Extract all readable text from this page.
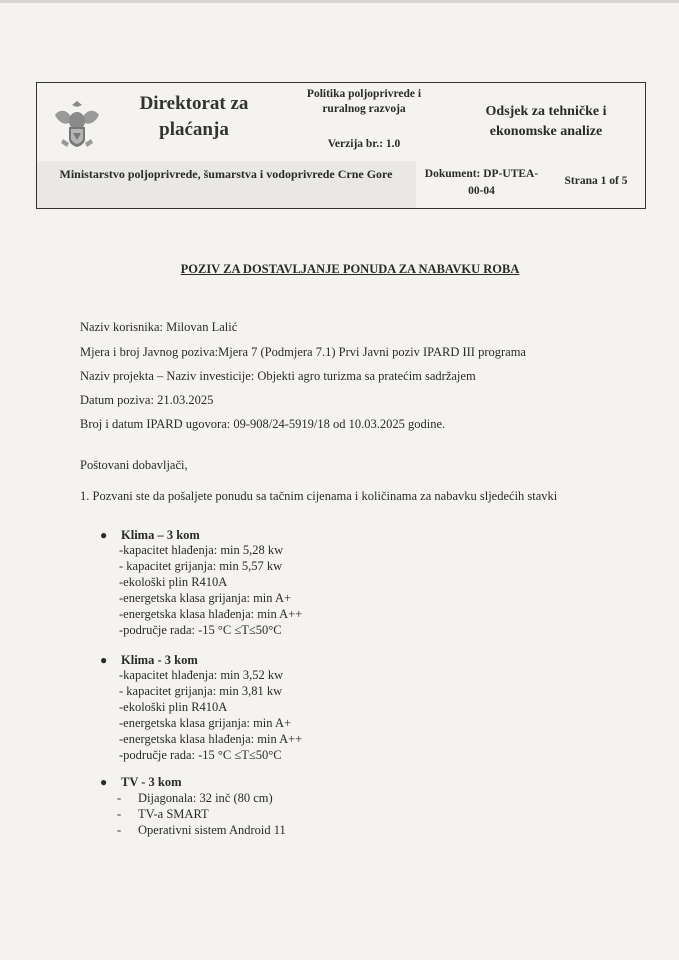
Direktorat za plaćanja
Politika poljoprivrede i ruralnog razvoja
Verzija br.: 1.0
Odsjek za tehničke i ekonomske analize
Ministarstvo poljoprivrede, šumarstva i vodoprivrede Crne Gore	Dokument: DP-UTEA-00-04
Strana 1 of 5
POZIV ZA DOSTAVLJANJE PONUDA ZA NABAVKU ROBA
Naziv korisnika: Milovan Lalić
Mjera i broj Javnog poziva:Mjera 7 (Podmjera 7.1) Prvi Javni poziv IPARD III programa
Naziv projekta – Naziv investicije: Objekti agro turizma sa pratećim sadržajem
Datum poziva: 21.03.2025
Broj i datum IPARD ugovora: 09-908/24-5919/18 od 10.03.2025 godine.
Poštovani dobavljači,
1. Pozvani ste da pošaljete ponudu sa tačnim cijenama i količinama za nabavku sljedećih stavki
● Klima – 3 kom
-kapacitet hlađenja: min 5,28 kw
- kapacitet grijanja: min 5,57 kw
-ekološki plin R410A
-energetska klasa grijanja: min A+
-energetska klasa hlađenja: min A++
-područje rada: -15 °C ≤T≤50°C
● Klima - 3 kom
-kapacitet hlađenja: min 3,52 kw
- kapacitet grijanja: min 3,81 kw
-ekološki plin R410A
-energetska klasa grijanja: min A+
-energetska klasa hlađenja: min A++
-područje rada: -15 °C ≤T≤50°C
● TV - 3 kom
- Dijagonala: 32 inč (80 cm)
- TV-a SMART
- Operativni sistem Android 11
